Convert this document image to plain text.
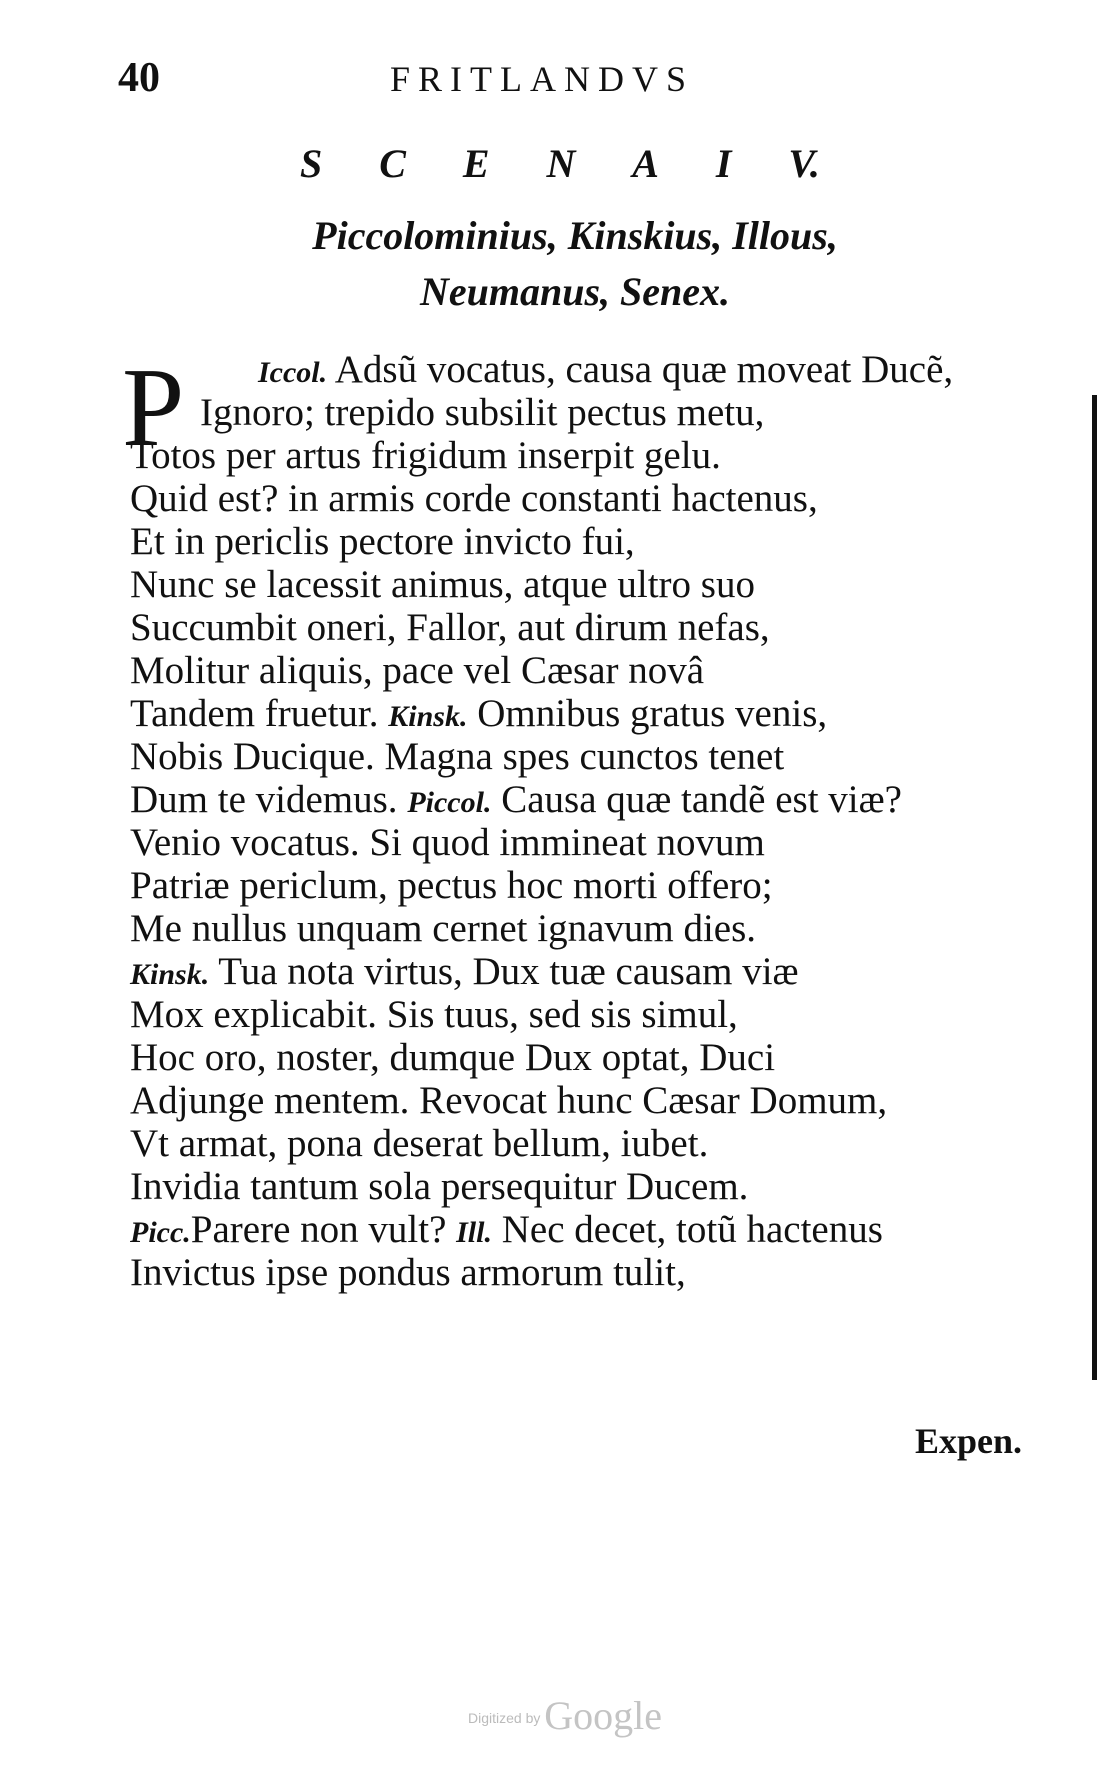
40	FRITLANDVS
S C E N A I V.
Piccolominius, Kinskius, Illous,
Neumanus, Senex.
P Iccol. Adsũ vocatus, causa quæ moveat Ducẽ,
Ignoro; trepido subsilit pectus metu,
Totos per artus frigidum inserpit gelu.
Quid est? in armis corde constanti hactenus,
Et in periclis pectore invicto fui,
Nunc se lacessit animus, atque ultro suo
Succumbit oneri, Fallor, aut dirum nefas,
Molitur aliquis, pace vel Cæsar novâ
Tandem fruetur. Kinsk. Omnibus gratus venis,
Nobis Ducique. Magna spes cunctos tenet
Dum te videmus. Piccol. Causa quæ tandẽ est viæ?
Venio vocatus. Si quod immineat novum
Patriæ periclum, pectus hoc morti offero;
Me nullus unquam cernet ignavum dies.
Kinsk. Tua nota virtus, Dux tuæ causam viæ
Mox explicabit. Sis tuus, sed sis simul,
Hoc oro, noster, dumque Dux optat, Duci
Adjunge mentem. Revocat hunc Cæsar Domum,
Vt armat, pona deserat bellum, iubet.
Invidia tantum sola persequitur Ducem.
Picc.Parere non vult? Ill. Nec decet, totũ hactenus
Invictus ipse pondus armorum tulit,
Expen.
Digitized by Google
